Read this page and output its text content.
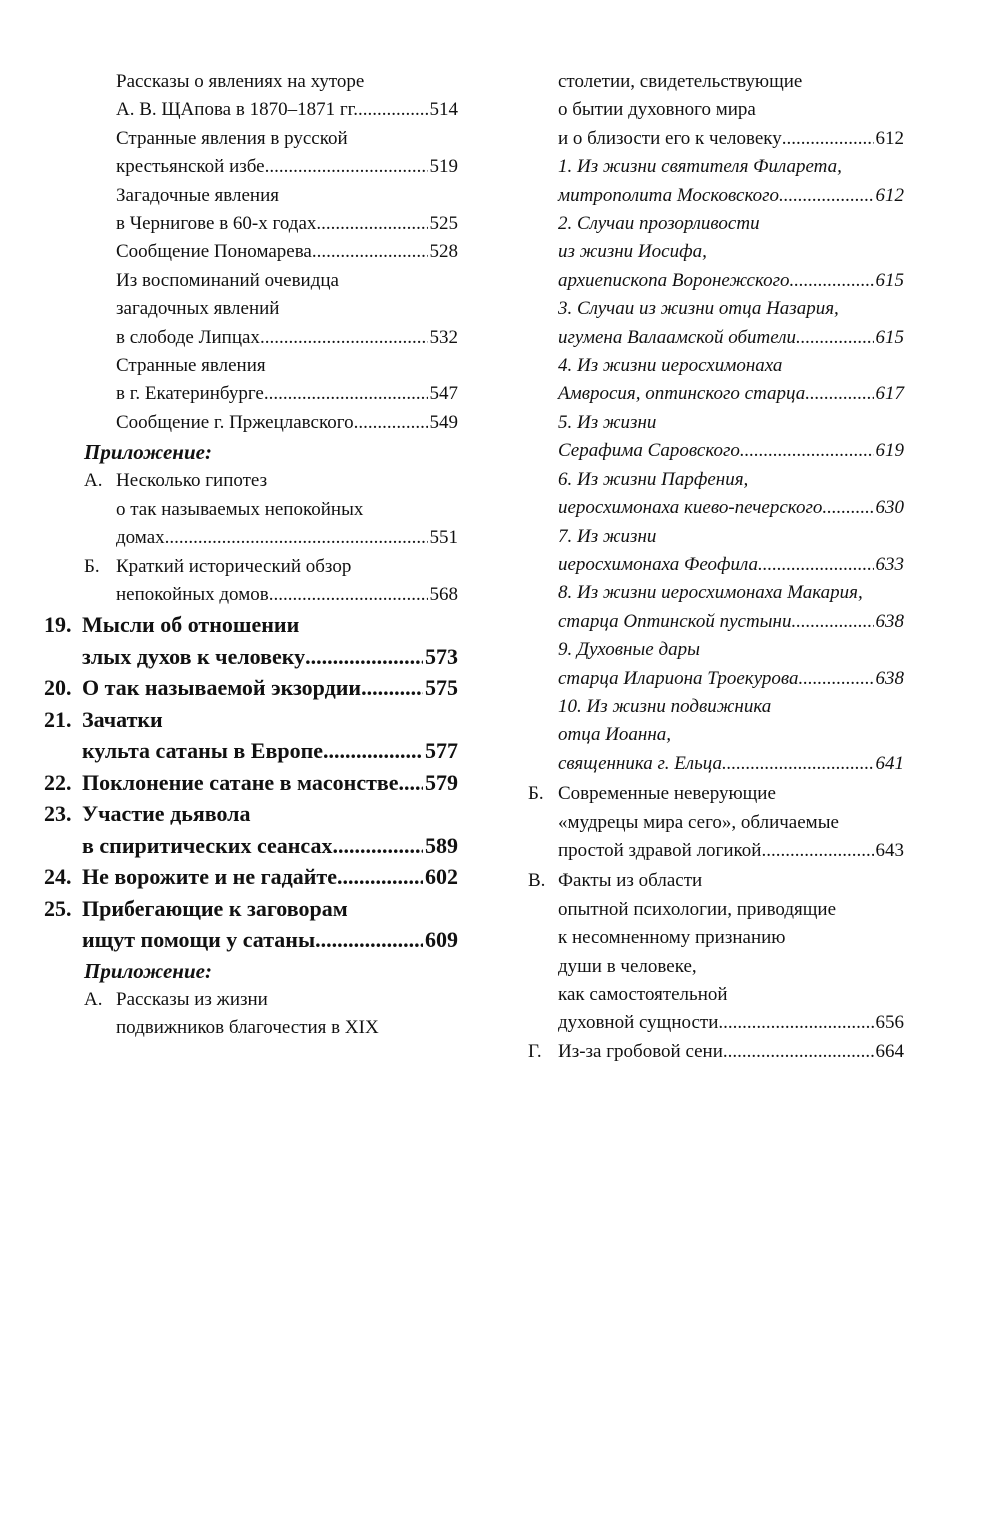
Рассказы о явлениях на хуторе
А. В. ЩАпова в 1870–1871 гг. .....	514
Странные явления в русской
крестьянской избе .....	519
Загадочные явления
в Чернигове в 60-х годах .....	525
Сообщение Пономарева .....	528
Из воспоминаний очевидца
загадочных явлений
в слободе Липцах .....	532
Странные явления
в г. Екатеринбурге .....	547
Сообщение г. Пржецлавского .....	549
Приложение:
А. Несколько гипотез
о так называемых непокойных
домах .....	551
Б. Краткий исторический обзор
непокойных домов .....	568
19. Мысли об отношении
злых духов к человеку .....	573
20. О так называемой экзордии .....	575
21. Зачатки
культа сатаны в Европе .....	577
22. Поклонение сатане в масонстве ..... 579
23. Участие дьявола
в спиритических сеансах .....	589
24. Не ворожите и не гадайте .....	602
25. Прибегающие к заговорам
ищут помощи у сатаны .....	609
Приложение:
А. Рассказы из жизни
подвижников благочестия в XIX
столетии, свидетельствующие
о бытии духовного мира
и о близости его к человеку .....	612
1. Из жизни святителя Филарета,
митрополита Московского .....	612
2. Случаи прозорливости
из жизни Иосифа,
архиепископа Воронежского .....	615
3. Случаи из жизни отца Назария,
игумена Валаамской обители .....	615
4. Из жизни иеросхимонаха
Амвросия, оптинского старца .....	617
5. Из жизни
Серафима Саровского .....	619
6. Из жизни Парфения,
иеросхимонаха киево-печерского .....	630
7. Из жизни
иеросхимонаха Феофила .....	633
8. Из жизни иеросхимонаха Макария,
старца Оптинской пустыни .....	638
9. Духовные дары
старца Илариона Троекурова .....	638
10. Из жизни подвижника
отца Иоанна,
священника г. Ельца .....	641
Б. Современные неверующие
«мудрецы мира сего», обличаемые
простой здравой логикой .....	643
В. Факты из области
опытной психологии, приводящие
к несомненному признанию
души в человеке,
как самостоятельной
духовной сущности .....	656
Г. Из-за гробовой сени .....	664
